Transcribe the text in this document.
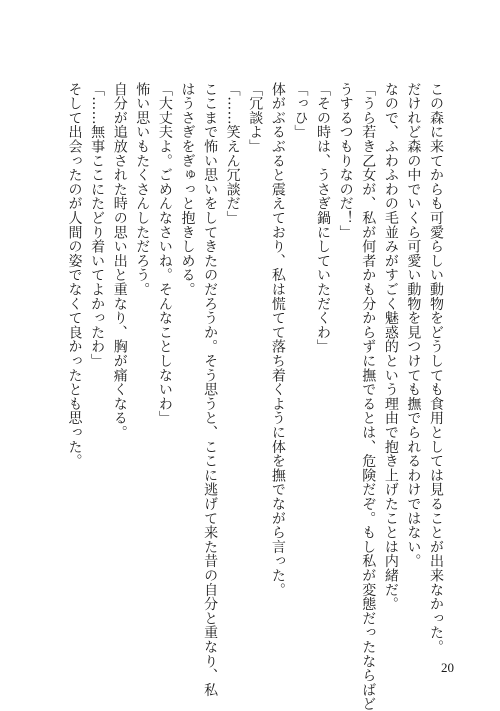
この森に来てからも可愛らしい動物をどうしても食用としては見ることが出来なかった。

だけれど森の中でいくら可愛い動物を見つけても撫でられるわけではない。

なので、ふわふわの毛並みがすごく魅惑的という理由で抱き上げたことは内緒だ。

「うら若き乙女が、私が何者かも分からずに撫でるとは、危険だぞ。もし私が変態だったならばど

うするつもりなのだ！」

「その時は、うさぎ鍋にしていただくわ」

「っひ」

体がぶるぶると震えており、私は慌てて落ち着くように体を撫でながら言った。

「冗談よ」

「……笑えん冗談だ」

ここまで怖い思いをしてきたのだろうか。そう思うと、ここに逃げて来た昔の自分と重なり、私

はうさぎをぎゅっと抱きしめる。

「大丈夫よ。ごめんなさいね。そんなことしないわ」

怖い思いもたくさんしただろう。

自分が追放された時の思い出と重なり、胸が痛くなる。

「……無事ここにたどり着いてよかったわ」

そして出会ったのが人間の姿でなくて良かったとも思った。

20
